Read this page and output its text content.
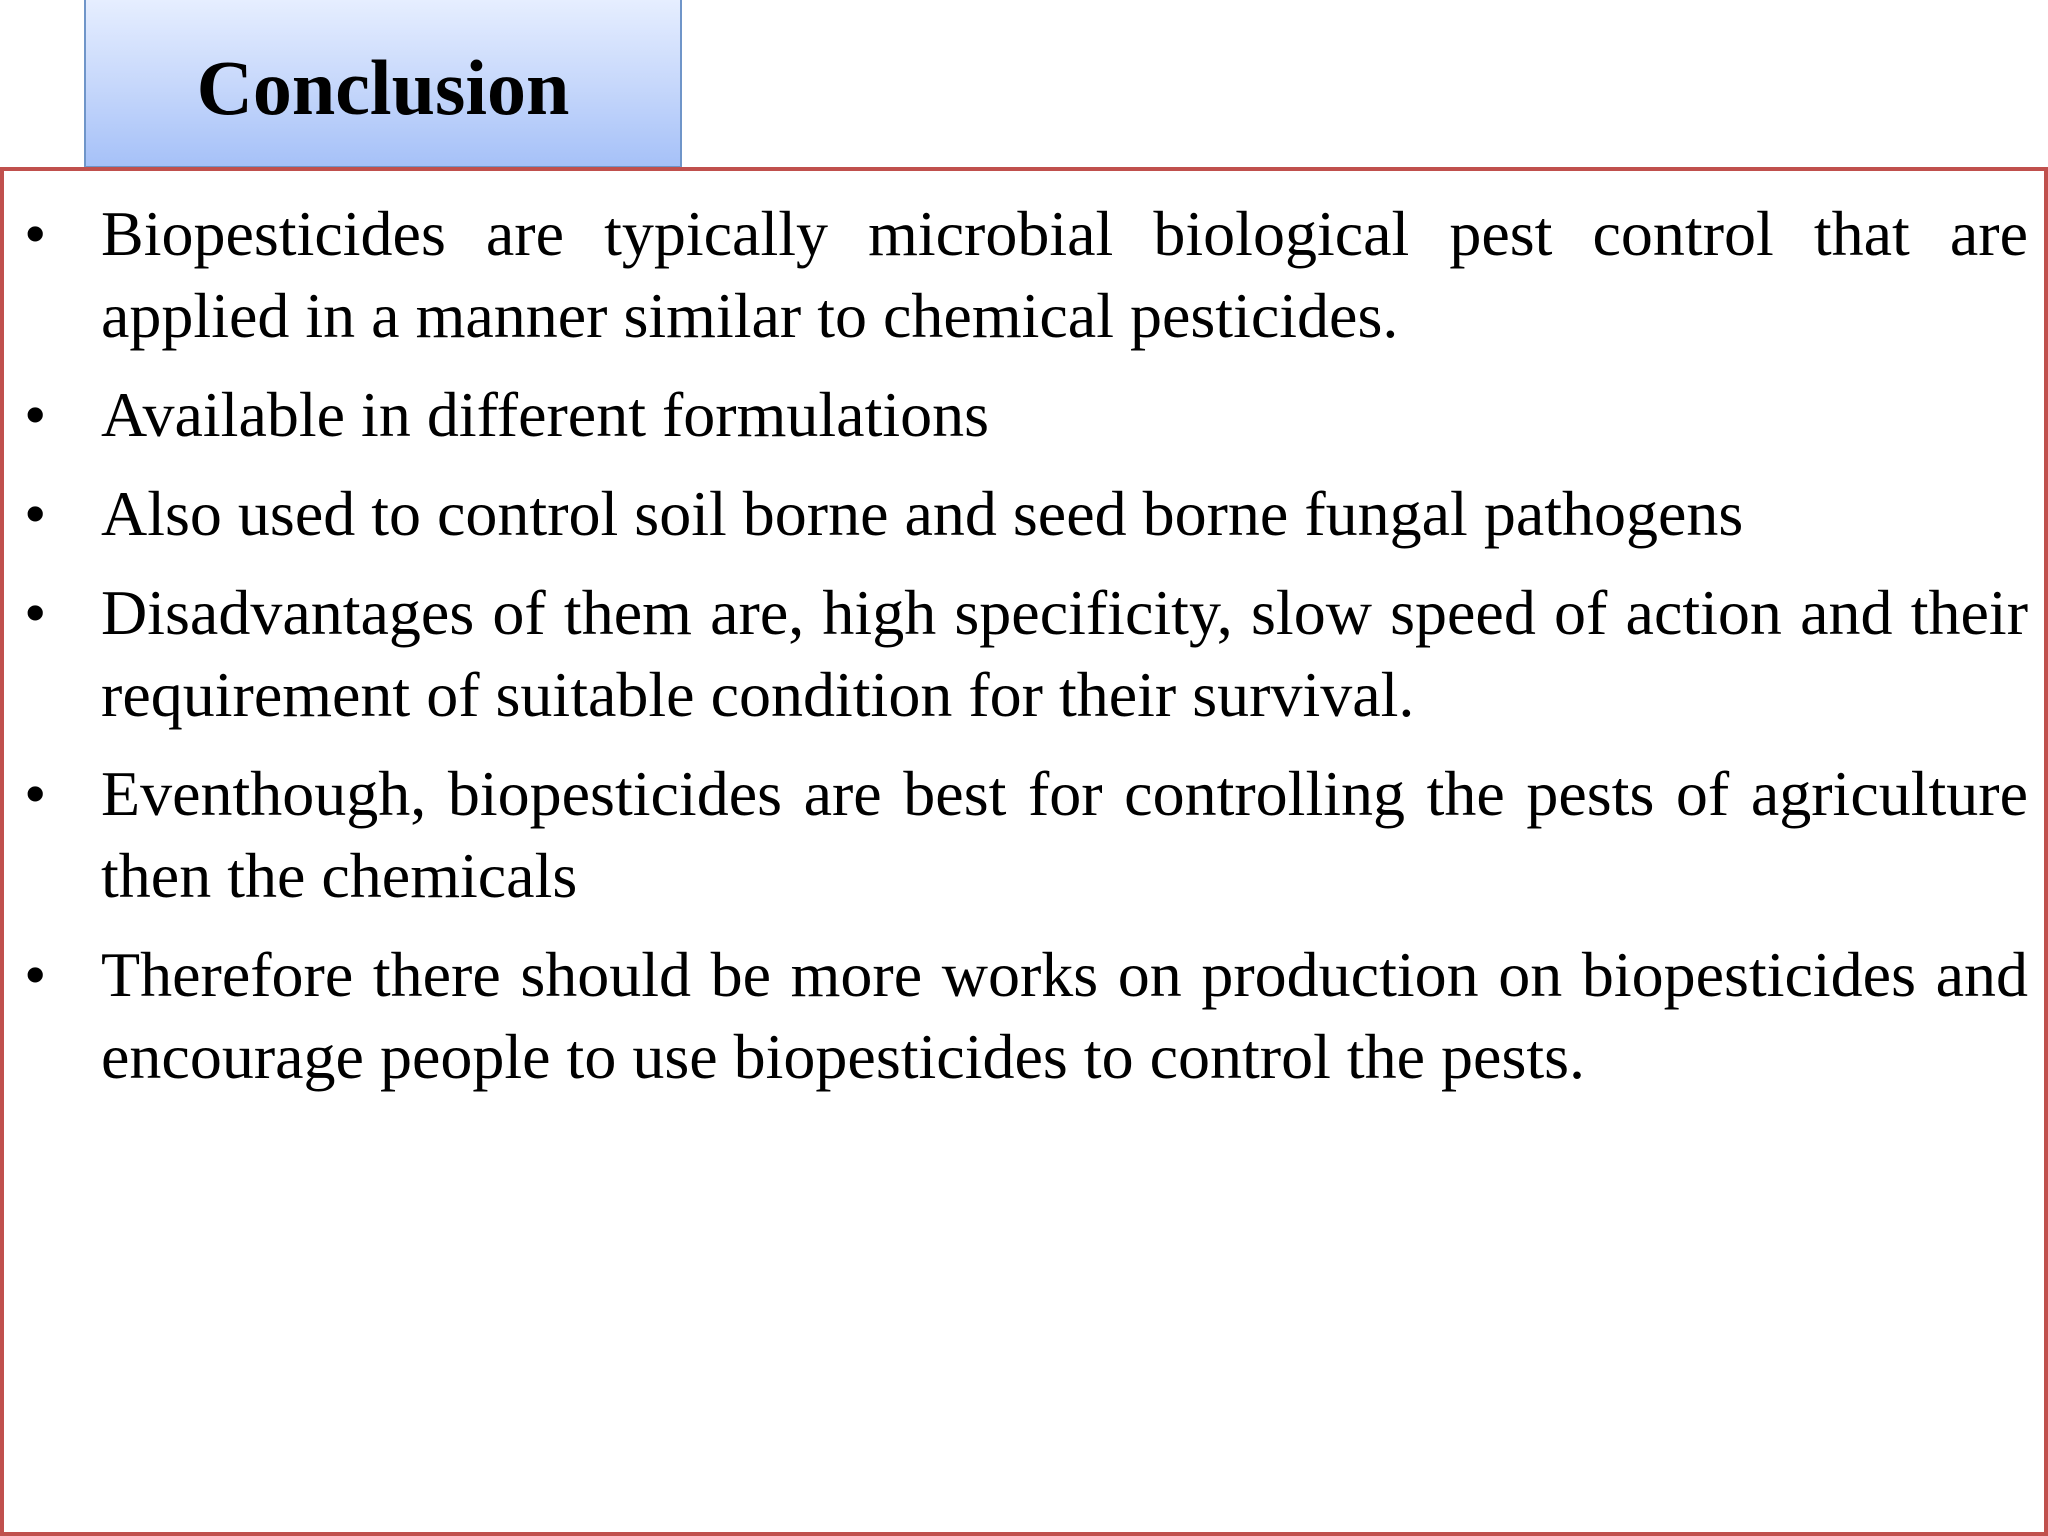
Conclusion
• Biopesticides are typically microbial biological pest control that are applied in a manner similar to chemical pesticides.
• Available in different formulations
• Also used to control soil borne and seed borne fungal pathogens
• Disadvantages of them are, high specificity, slow speed of action and their requirement of suitable condition for their survival.
• Eventhough, biopesticides are best for controlling the pests of agriculture then the chemicals
• Therefore there should be more works on production on biopesticides and encourage people to use biopesticides to control the pests.
